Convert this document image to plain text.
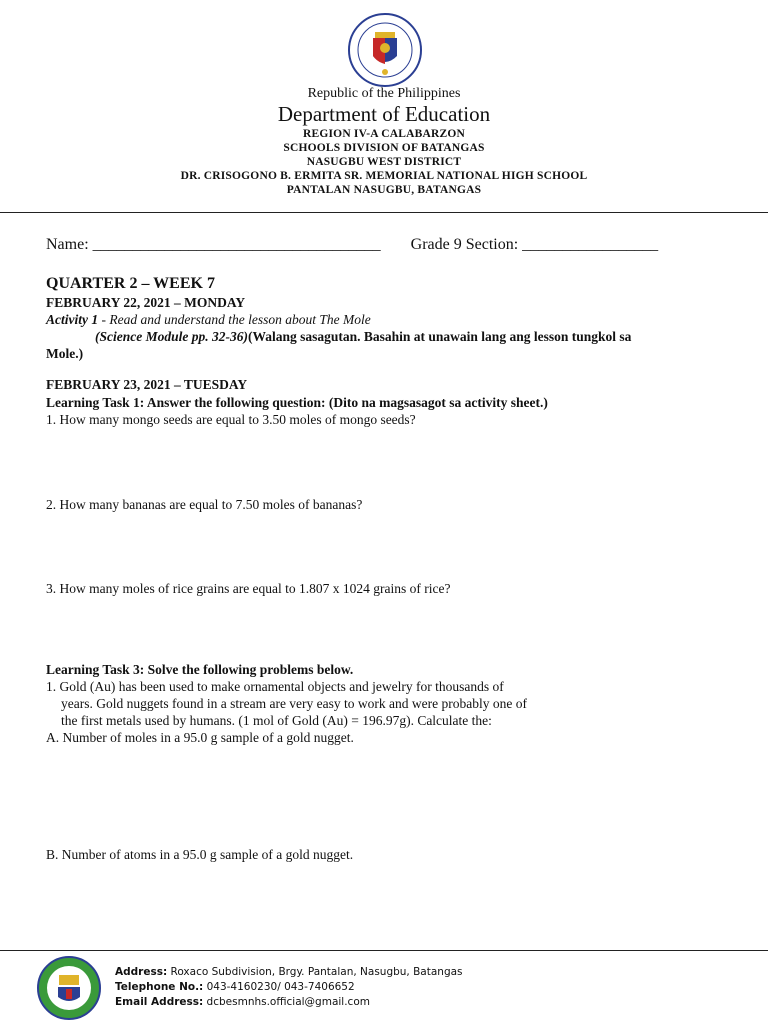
Republic of the Philippines
Department of Education
REGION IV-A CALABARZON
SCHOOLS DIVISION OF BATANGAS
NASUGBU WEST DISTRICT
DR. CRISOGONO B. ERMITA SR. MEMORIAL NATIONAL HIGH SCHOOL
PANTALAN NASUGBU, BATANGAS
Name: ____________________________________ Grade 9 Section: _________________
QUARTER 2 – WEEK 7
FEBRUARY 22, 2021 – MONDAY
Activity 1 - Read and understand the lesson about The Mole
(Science Module pp. 32-36)(Walang sasagutan. Basahin at unawain lang ang lesson tungkol sa
Mole.)
FEBRUARY 23, 2021 – TUESDAY
Learning Task 1: Answer the following question: (Dito na magsasagot sa activity sheet.)
1. How many mongo seeds are equal to 3.50 moles of mongo seeds?
2. How many bananas are equal to 7.50 moles of bananas?
3. How many moles of rice grains are equal to 1.807 x 1024 grains of rice?
Learning Task 3: Solve the following problems below.
1. Gold (Au) has been used to make ornamental objects and jewelry for thousands of
years. Gold nuggets found in a stream are very easy to work and were probably one of
the first metals used by humans. (1 mol of Gold (Au) = 196.97g). Calculate the:
A. Number of moles in a 95.0 g sample of a gold nugget.
B. Number of atoms in a 95.0 g sample of a gold nugget.
Address: Roxaco Subdivision, Brgy. Pantalan, Nasugbu, Batangas
Telephone No.: 043-4160230/ 043-7406652
Email Address: dcbesmnhs.official@gmail.com
